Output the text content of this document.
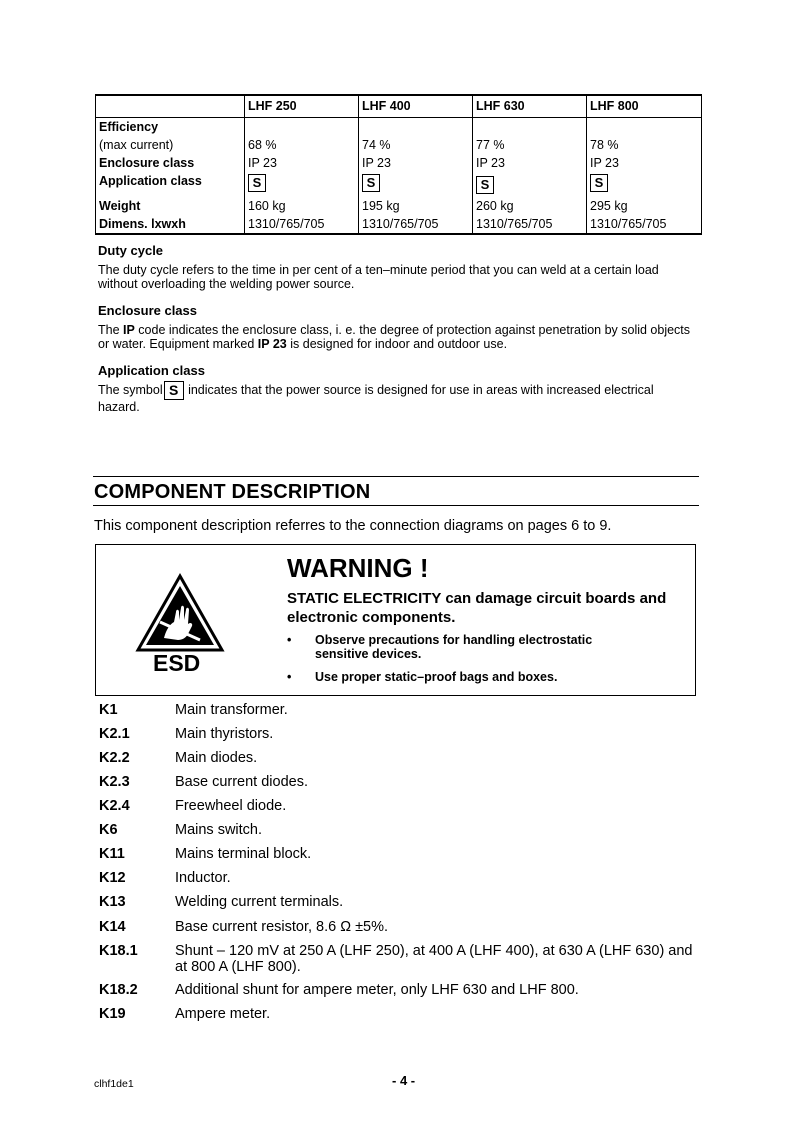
	LHF 250	LHF 400	LHF 630	LHF 800
Efficiency				
(max current)	68 %	74 %	77 %	78 %
Enclosure class	IP 23	IP 23	IP 23	IP 23
Application class	S	S	S	S
Weight	160 kg	195 kg	260 kg	295 kg
Dimens. lxwxh	1310/765/705	1310/765/705	1310/765/705	1310/765/705
Duty cycle
The duty cycle refers to the time in per cent of a ten–minute period that you can weld at a certain load without overloading the welding power source.
Enclosure class
The IP code indicates the enclosure class, i. e. the degree of protection against penetration by solid objects or water. Equipment marked IP 23 is designed for indoor and outdoor use.
Application class
The symbol S indicates that the power source is designed for use in areas with increased electrical hazard.
COMPONENT DESCRIPTION
This component description referres to the connection diagrams on pages 6 to 9.
ESD
WARNING !
STATIC ELECTRICITY can damage circuit boards and electronic components.
• Observe precautions for handling electrostatic sensitive devices.
• Use proper static–proof bags and boxes.
K1	Main transformer.
K2.1	Main thyristors.
K2.2	Main diodes.
K2.3	Base current diodes.
K2.4	Freewheel diode.
K6	Mains switch.
K11	Mains terminal block.
K12	Inductor.
K13	Welding current terminals.
K14	Base current resistor, 8.6 Ω ±5%.
K18.1	Shunt – 120 mV at 250 A (LHF 250), at 400 A (LHF 400), at 630 A (LHF 630) and at 800 A (LHF 800).
K18.2	Additional shunt for ampere meter, only LHF 630 and LHF 800.
K19	Ampere meter.
clhf1de1	- 4 -
